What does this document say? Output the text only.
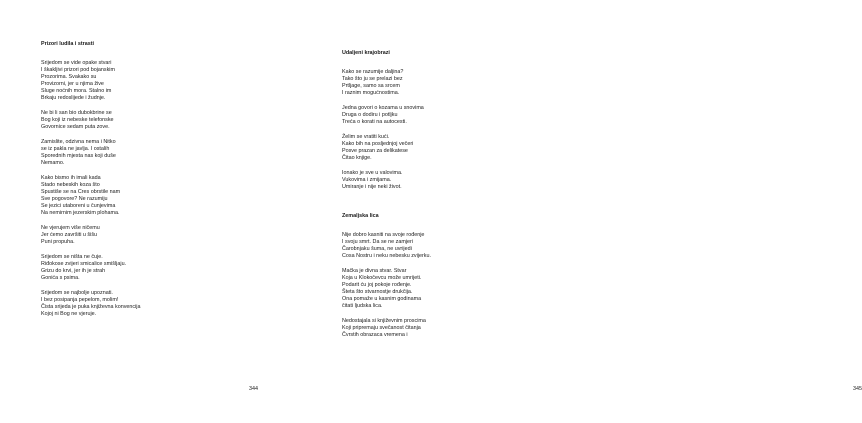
Prizori ludila i strasti
Srijedom se vide opake stvari
I škakljivi prizori pod bojanskim
Prozorima. Svakako su
Provizorni, jer u njima žive
Sluge noćnih mora. Stalno im
Brkaju redoslijede i žudnje.
Ne bi li san bio dubokbrine se
Bog koji iz nebeske telefonske
Govornice sedam puta zove.
Zamislite, odzivna nema i Nitko
se iz pakla ne javlja. I ostalih
Sporednih mjesta nas koji duše
Nemamo.
Kako bismo ih imali kada
Stado nebeskih koza što
Spustiše se na Cres obrstile nam
Sve pogovore? Ne razumiju
Se jezici utaboreni u čunjevima
Na nemirnim jezerskim plohama.
Ne vjerujem više ničemu
Jer ćemo završiti u šišu
Puni propuha.
Srijedom se ništa ne čuje.
Riđokose zvijeri smicalice smišljaju.
Grizu do krvi, jer ih je strah
Gonića s psima.
Srijedom se najbolje upoznati.
I bez posipanja pepelom, molim!
Čista srijeda je puka književna konvencija
Kojoj ni Bog ne vjeruje.
344
Udaljeni krajobrazi
Kako se razumije daljina?
Tako što ju se prelazi bez
Prtljage, samo sa srcem
I raznim mogućnostima.
Jedna govori o kozama u snovima
Druga o dodiru i potljku
Treća o korati na autocesti.
Želim se vratiti kući.
Kako bih na posljednjoj večeri
Posve prazan za delikatese
Čitao knjige.
Ionako je sve u valovima.
Vukovima i zmijama.
Umiranje i nije neki život.
Zemaljska lica
Nije dobro kasniti na svoje rođenje
I svoju smrt. Da se ne zamjeri
Čarobnjaku šuma, ne uvrijedi
Cosa Nostru i neku nebesku zvijerku.
Mačka je divna stvar. Stvar
Koja u Klokočevcu može umrijeti.
Podarit ću joj pokoje rođenje.
Šteta što stvarnostje drukčija.
Ona pomaže u kasnim godinama
čitati ljudska lica.
Nedostajala si književnim proscima
Koji pripremaju svečanost čitanja
Čvrstih obrazaca vremena i
345
